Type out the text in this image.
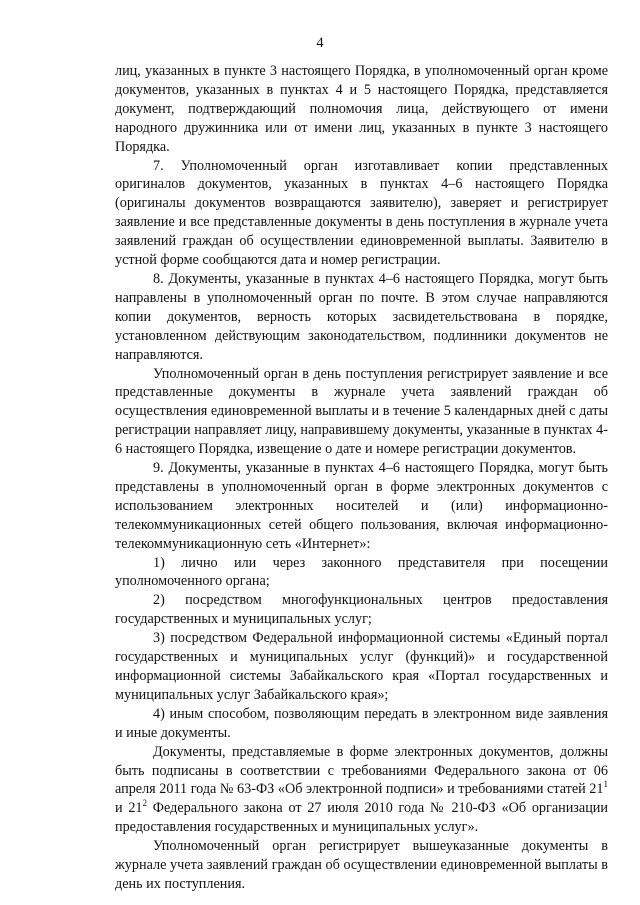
4

лиц, указанных в пункте 3 настоящего Порядка, в уполномоченный орган кроме документов, указанных в пунктах 4 и 5 настоящего Порядка, представляется документ, подтверждающий полномочия лица, действующего от имени народного дружинника или от имени лиц, указанных в пункте 3 настоящего Порядка.

7. Уполномоченный орган изготавливает копии представленных оригиналов документов, указанных в пунктах 4–6 настоящего Порядка (оригиналы документов возвращаются заявителю), заверяет и регистрирует заявление и все представленные документы в день поступления в журнале учета заявлений граждан об осуществлении единовременной выплаты. Заявителю в устной форме сообщаются дата и номер регистрации.

8. Документы, указанные в пунктах 4–6 настоящего Порядка, могут быть направлены в уполномоченный орган по почте. В этом случае направляются копии документов, верность которых засвидетельствована в порядке, установленном действующим законодательством, подлинники документов не направляются.

Уполномоченный орган в день поступления регистрирует заявление и все представленные документы в журнале учета заявлений граждан об осуществления единовременной выплаты и в течение 5 календарных дней с даты регистрации направляет лицу, направившему документы, указанные в пунктах 4-6 настоящего Порядка, извещение о дате и номере регистрации документов.

9. Документы, указанные в пунктах 4–6 настоящего Порядка, могут быть представлены в уполномоченный орган в форме электронных документов с использованием электронных носителей и (или) информационно-телекоммуникационных сетей общего пользования, включая информационно-телекоммуникационную сеть «Интернет»:

1) лично или через законного представителя при посещении уполномоченного органа;

2) посредством многофункциональных центров предоставления государственных и муниципальных услуг;

3) посредством Федеральной информационной системы «Единый портал государственных и муниципальных услуг (функций)» и государственной информационной системы Забайкальского края «Портал государственных и муниципальных услуг Забайкальского края»;

4) иным способом, позволяющим передать в электронном виде заявления и иные документы.

Документы, представляемые в форме электронных документов, должны быть подписаны в соответствии с требованиями Федерального закона от 06 апреля 2011 года № 63-ФЗ «Об электронной подписи» и требованиями статей $21^1$ и $21^2$ Федерального закона от 27 июля 2010 года № 210-ФЗ «Об организации предоставления государственных и муниципальных услуг».

Уполномоченный орган регистрирует вышеуказанные документы в журнале учета заявлений граждан об осуществлении единовременной выплаты в день их поступления.
